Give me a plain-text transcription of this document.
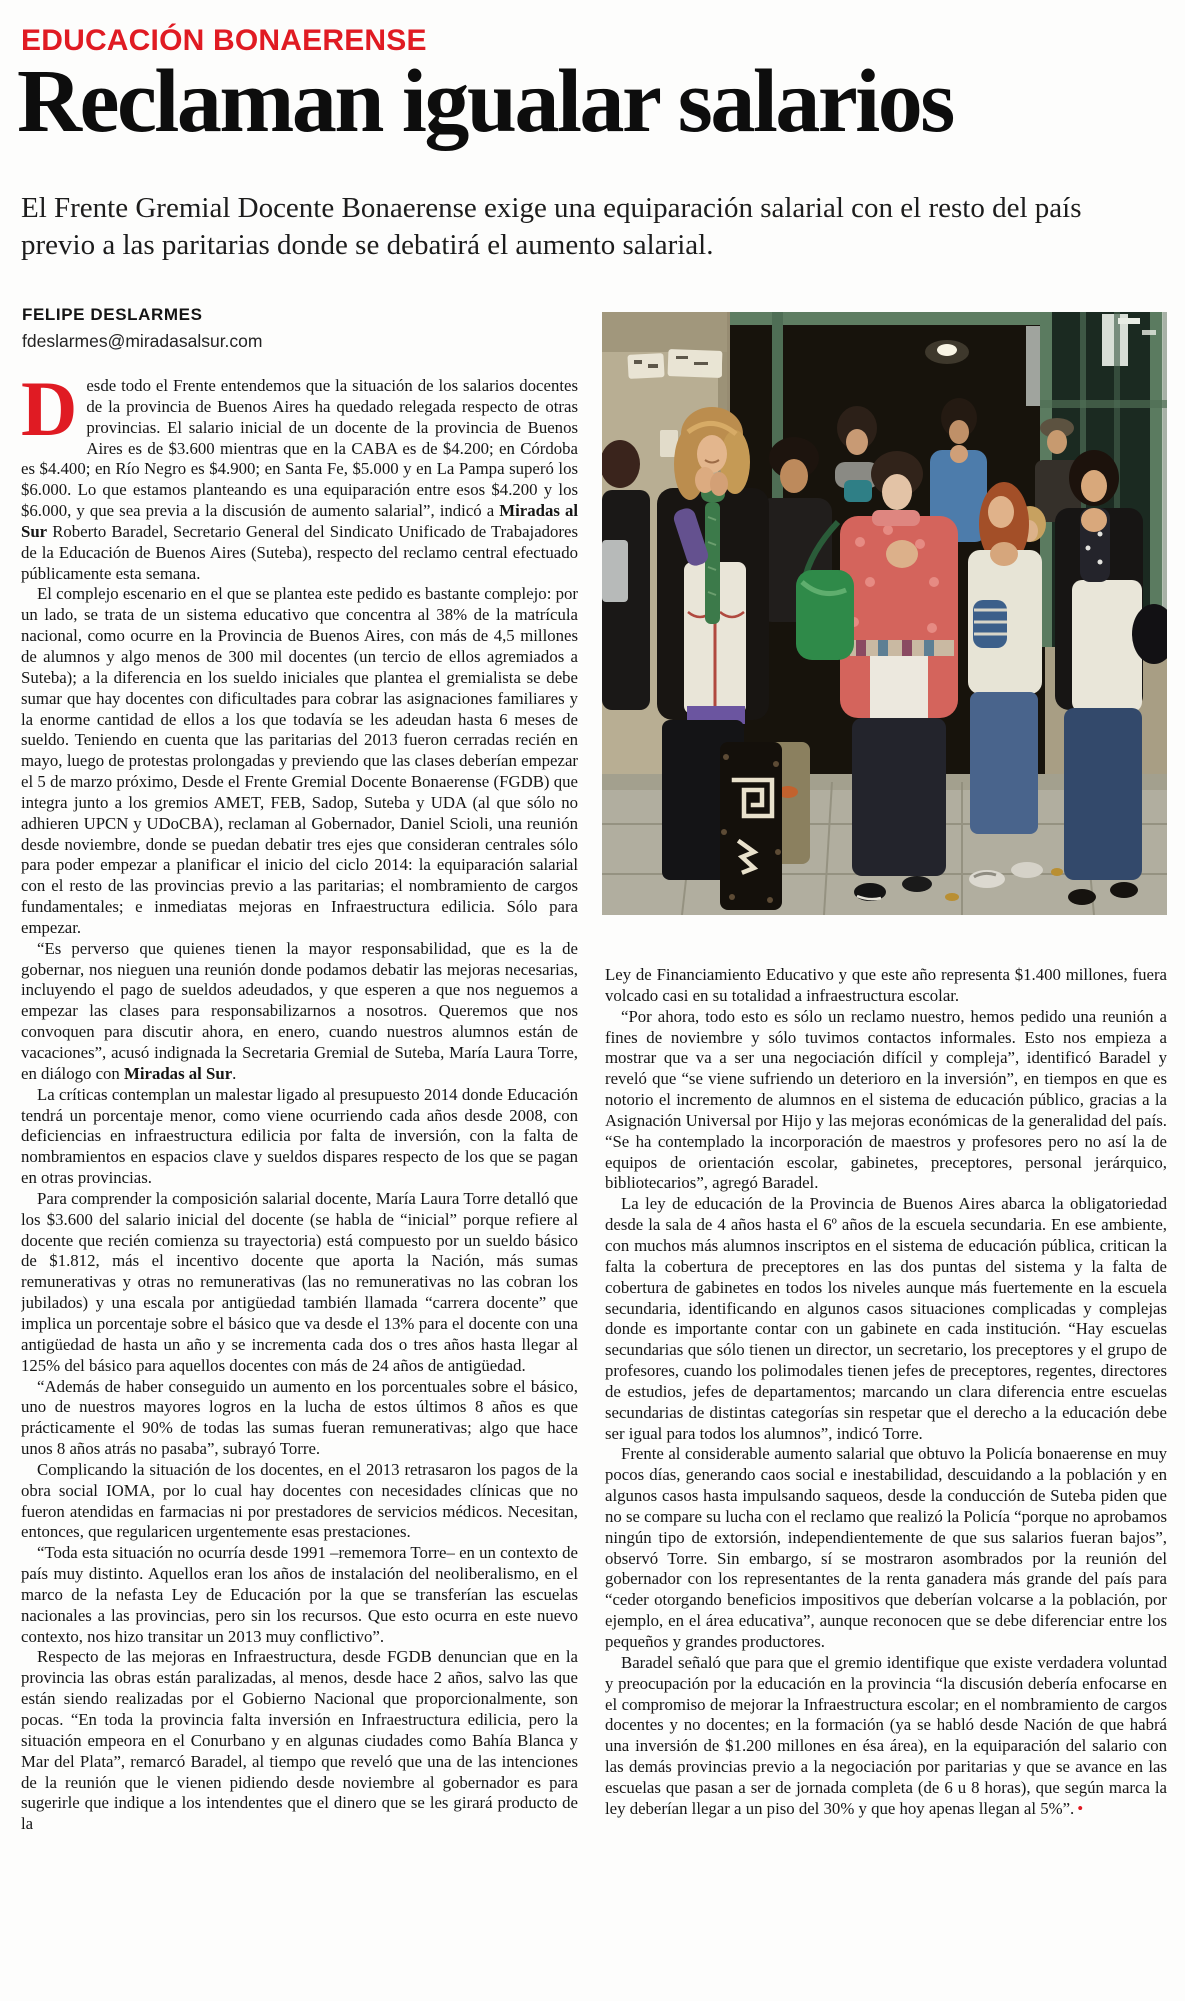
EDUCACIÓN BONAERENSE
Reclaman igualar salarios
El Frente Gremial Docente Bonaerense exige una equiparación salarial con el resto del país previo a las paritarias donde se debatirá el aumento salarial.
FELIPE DESLARMES
fdeslarmes@miradasalsur.com

Desde todo el Frente entendemos que la situación de los salarios docentes de la provincia de Buenos Aires ha quedado relegada respecto de otras provincias. El salario inicial de un docente de la provincia de Buenos Aires es de $3.600 mientras que en la CABA es de $4.200; en Córdoba es $4.400; en Río Negro es $4.900; en Santa Fe, $5.000 y en La Pampa superó los $6.000. Lo que estamos planteando es una equiparación entre esos $4.200 y los $6.000, y que sea previa a la discusión de aumento salarial”, indicó a Miradas al Sur Roberto Baradel, Secretario General del Sindicato Unificado de Trabajadores de la Educación de Buenos Aires (Suteba), respecto del reclamo central efectuado públicamente esta semana.

El complejo escenario en el que se plantea este pedido es bastante complejo: por un lado, se trata de un sistema educativo que concentra al 38% de la matrícula nacional, como ocurre en la Provincia de Buenos Aires, con más de 4,5 millones de alumnos y algo menos de 300 mil docentes (un tercio de ellos agremiados a Suteba); a la diferencia en los sueldo iniciales que plantea el gremialista se debe sumar que hay docentes con dificultades para cobrar las asignaciones familiares y la enorme cantidad de ellos a los que todavía se les adeudan hasta 6 meses de sueldo. Teniendo en cuenta que las paritarias del 2013 fueron cerradas recién en mayo, luego de protestas prolongadas y previendo que las clases deberían empezar el 5 de marzo próximo, Desde el Frente Gremial Docente Bonaerense (FGDB) que integra junto a los gremios AMET, FEB, Sadop, Suteba y UDA (al que sólo no adhieren UPCN y UDoCBA), reclaman al Gobernador, Daniel Scioli, una reunión desde noviembre, donde se puedan debatir tres ejes que consideran centrales sólo para poder empezar a planificar el inicio del ciclo 2014: la equiparación salarial con el resto de las provincias previo a las paritarias; el nombramiento de cargos fundamentales; e inmediatas mejoras en Infraestructura edilicia. Sólo para empezar.

“Es perverso que quienes tienen la mayor responsabilidad, que es la de gobernar, nos nieguen una reunión donde podamos debatir las mejoras necesarias, incluyendo el pago de sueldos adeudados, y que esperen a que nos neguemos a empezar las clases para responsabilizarnos a nosotros. Queremos que nos convoquen para discutir ahora, en enero, cuando nuestros alumnos están de vacaciones”, acusó indignada la Secretaria Gremial de Suteba, María Laura Torre, en diálogo con Miradas al Sur.

La críticas contemplan un malestar ligado al presupuesto 2014 donde Educación tendrá un porcentaje menor, como viene ocurriendo cada años desde 2008, con deficiencias en infraestructura edilicia por falta de inversión, con la falta de nombramientos en espacios clave y sueldos dispares respecto de los que se pagan en otras provincias.

Para comprender la composición salarial docente, María Laura Torre detalló que los $3.600 del salario inicial del docente (se habla de “inicial” porque refiere al docente que recién comienza su trayectoria) está compuesto por un sueldo básico de $1.812, más el incentivo docente que aporta la Nación, más sumas remunerativas y otras no remunerativas (las no remunerativas no las cobran los jubilados) y una escala por antigüedad también llamada “carrera docente” que implica un porcentaje sobre el básico que va desde el 13% para el docente con una antigüedad de hasta un año y se incrementa cada dos o tres años hasta llegar al 125% del básico para aquellos docentes con más de 24 años de antigüedad.

“Además de haber conseguido un aumento en los porcentuales sobre el básico, uno de nuestros mayores logros en la lucha de estos últimos 8 años es que prácticamente el 90% de todas las sumas fueran remunerativas; algo que hace unos 8 años atrás no pasaba”, subrayó Torre.

Complicando la situación de los docentes, en el 2013 retrasaron los pagos de la obra social IOMA, por lo cual hay docentes con necesidades clínicas que no fueron atendidas en farmacias ni por prestadores de servicios médicos. Necesitan, entonces, que regularicen urgentemente esas prestaciones.

“Toda esta situación no ocurría desde 1991 –rememora Torre– en un contexto de país muy distinto. Aquellos eran los años de instalación del neoliberalismo, en el marco de la nefasta Ley de Educación por la que se transferían las escuelas nacionales a las provincias, pero sin los recursos. Que esto ocurra en este nuevo contexto, nos hizo transitar un 2013 muy conflictivo”.

Respecto de las mejoras en Infraestructura, desde FGDB denuncian que en la provincia las obras están paralizadas, al menos, desde hace 2 años, salvo las que están siendo realizadas por el Gobierno Nacional que proporcionalmente, son pocas. “En toda la provincia falta inversión en Infraestructura edilicia, pero la situación empeora en el Conurbano y en algunas ciudades como Bahía Blanca y Mar del Plata”, remarcó Baradel, al tiempo que reveló que una de las intenciones de la reunión que le vienen pidiendo desde noviembre al gobernador es para sugerirle que indique a los intendentes que el dinero que se les girará producto de la

Ley de Financiamiento Educativo y que este año representa $1.400 millones, fuera volcado casi en su totalidad a infraestructura escolar.

“Por ahora, todo esto es sólo un reclamo nuestro, hemos pedido una reunión a fines de noviembre y sólo tuvimos contactos informales. Esto nos empieza a mostrar que va a ser una negociación difícil y compleja”, identificó Baradel y reveló que “se viene sufriendo un deterioro en la inversión”, en tiempos en que es notorio el incremento de alumnos en el sistema de educación público, gracias a la Asignación Universal por Hijo y las mejoras económicas de la generalidad del país. “Se ha contemplado la incorporación de maestros y profesores pero no así la de equipos de orientación escolar, gabinetes, preceptores, personal jerárquico, bibliotecarios”, agregó Baradel.

La ley de educación de la Provincia de Buenos Aires abarca la obligatoriedad desde la sala de 4 años hasta el 6º años de la escuela secundaria. En ese ambiente, con muchos más alumnos inscriptos en el sistema de educación pública, critican la falta la cobertura de preceptores en las dos puntas del sistema y la falta de cobertura de gabinetes en todos los niveles aunque más fuertemente en la escuela secundaria, identificando en algunos casos situaciones complicadas y complejas donde es importante contar con un gabinete en cada institución. “Hay escuelas secundarias que sólo tienen un director, un secretario, los preceptores y el grupo de profesores, cuando los polimodales tienen jefes de preceptores, regentes, directores de estudios, jefes de departamentos; marcando un clara diferencia entre escuelas secundarias de distintas categorías sin respetar que el derecho a la educación debe ser igual para todos los alumnos”, indicó Torre.

Frente al considerable aumento salarial que obtuvo la Policía bonaerense en muy pocos días, generando caos social e inestabilidad, descuidando a la población y en algunos casos hasta impulsando saqueos, desde la conducción de Suteba piden que no se compare su lucha con el reclamo que realizó la Policía “porque no aprobamos ningún tipo de extorsión, independientemente de que sus salarios fueran bajos”, observó Torre. Sin embargo, sí se mostraron asombrados por la reunión del gobernador con los representantes de la renta ganadera más grande del país para “ceder otorgando beneficios impositivos que deberían volcarse a la población, por ejemplo, en el área educativa”, aunque reconocen que se debe diferenciar entre los pequeños y grandes productores.

Baradel señaló que para que el gremio identifique que existe verdadera voluntad y preocupación por la educación en la provincia “la discusión debería enfocarse en el compromiso de mejorar la Infraestructura escolar; en el nombramiento de cargos docentes y no docentes; en la formación (ya se habló desde Nación de que habrá una inversión de $1.200 millones en ésa área), en la equiparación del salario con las demás provincias previo a la negociación por paritarias y que se avance en las escuelas que pasan a ser de jornada completa (de 6 u 8 horas), que según marca la ley deberían llegar a un piso del 30% y que hoy apenas llegan al 5%”. •
